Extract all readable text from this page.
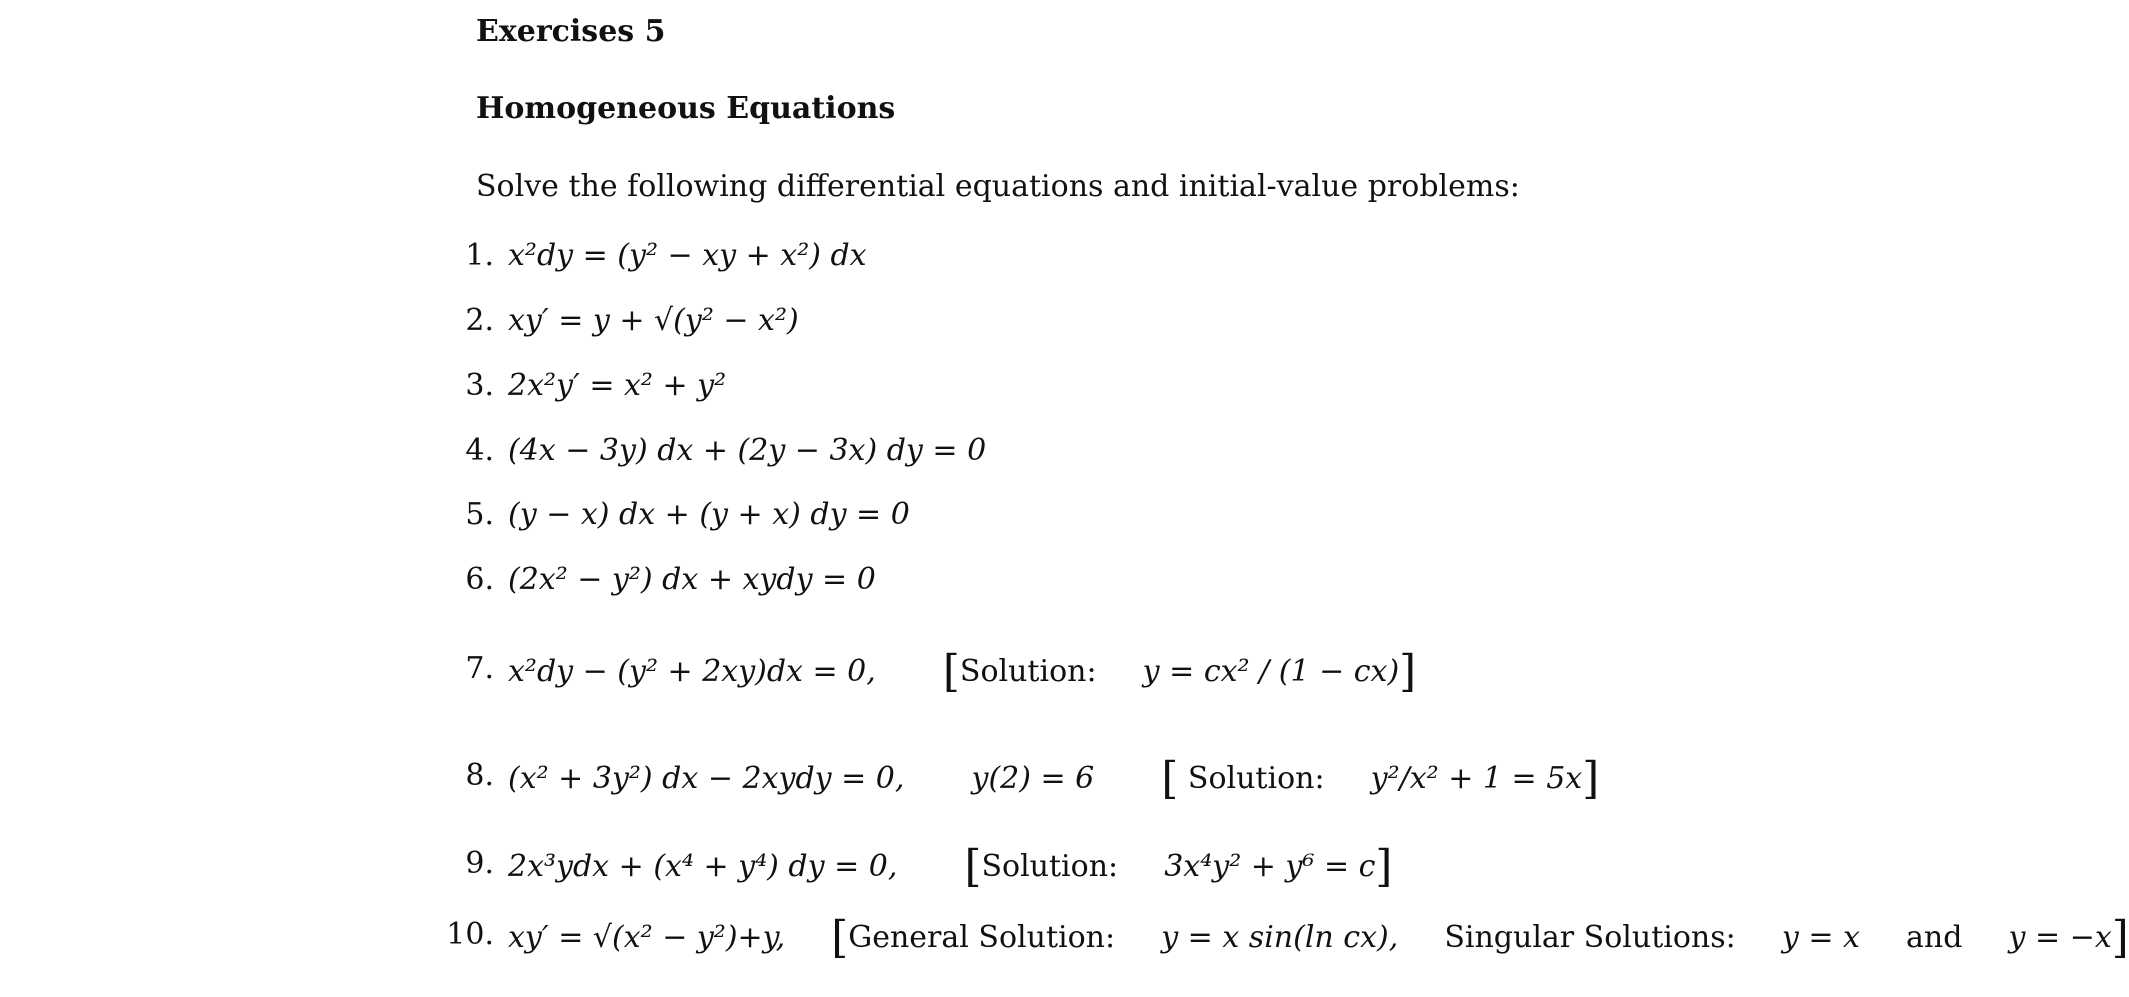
Exercises 5
Homogeneous Equations

Solve the following differential equations and initial-value problems:

1. x²dy = (y² − xy + x²) dx
2. xy′ = y + √(y² − x²)
3. 2x²y′ = x² + y²
4. (4x − 3y) dx + (2y − 3x) dy = 0
5. (y − x) dx + (y + x) dy = 0
6. (2x² − y²) dx + xydy = 0
7. x²dy − (y² + 2xy)dx = 0, [Solution: y = cx² / (1 − cx)]
8. (x² + 3y²) dx − 2xydy = 0, y(2) = 6 [ Solution: y²/x² + 1 = 5x]
9. 2x³ydx + (x⁴ + y⁴) dy = 0, [Solution: 3x⁴y² + y⁶ = c]
10. xy′ = √(x² − y²)+y, [General Solution: y = x sin(ln cx), Singular Solutions: y = x and y = −x]
